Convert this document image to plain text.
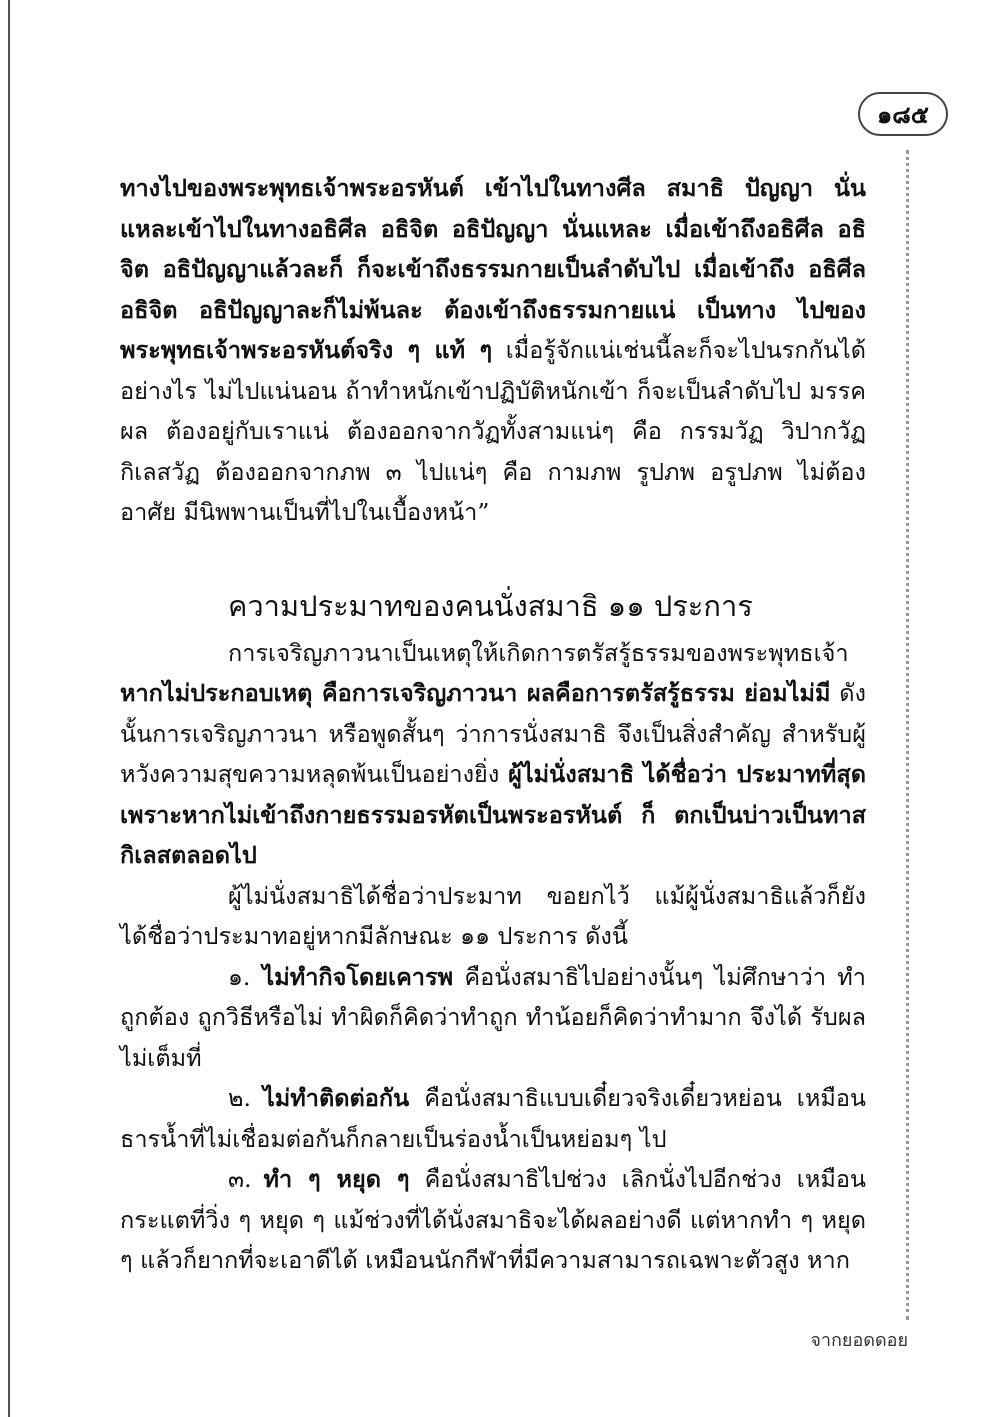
๑๘๕

ทางไปของพระพุทธเจ้าพระอรหันต์ เข้าไปในทางศีล สมาธิ ปัญญา นั่นแหละเข้าไปในทางอธิศีล อธิจิต อธิปัญญา นั่นแหละ เมื่อเข้าถึงอธิศีล อธิจิต อธิปัญญาแล้วละก็ ก็จะเข้าถึงธรรมกายเป็นลำดับไป เมื่อเข้าถึง อธิศีล อธิจิต อธิปัญญาละก็ไม่พ้นละ ต้องเข้าถึงธรรมกายแน่ เป็นทาง ไปของพระพุทธเจ้าพระอรหันต์จริง ๆ แท้ ๆ เมื่อรู้จักแน่เช่นนี้ละก็จะไปนรกกันได้อย่างไร ไม่ไปแน่นอน ถ้าทำหนักเข้าปฏิบัติหนักเข้า ก็จะเป็นลำดับไป มรรค ผล ต้องอยู่กับเราแน่ ต้องออกจากวัฏทั้งสามแน่ๆ คือ กรรมวัฏ วิปากวัฏ กิเลสวัฏ ต้องออกจากภพ ๓ ไปแน่ๆ คือ กามภพ รูปภพ อรูปภพ ไม่ต้อง อาศัย มีนิพพานเป็นที่ไปในเบื้องหน้า”

ความประมาทของคนนั่งสมาธิ ๑๑ ประการ

การเจริญภาวนาเป็นเหตุให้เกิดการตรัสรู้ธรรมของพระพุทธเจ้า หากไม่ประกอบเหตุ คือการเจริญภาวนา ผลคือการตรัสรู้ธรรม ย่อมไม่มี ดังนั้นการเจริญภาวนา หรือพูดสั้นๆ ว่าการนั่งสมาธิ จึงเป็นสิ่งสำคัญ สำหรับผู้หวังความสุขความหลุดพ้นเป็นอย่างยิ่ง ผู้ไม่นั่งสมาธิ ได้ชื่อว่า ประมาทที่สุด เพราะหากไม่เข้าถึงกายธรรมอรหัตเป็นพระอรหันต์ ก็ ตกเป็นบ่าวเป็นทาสกิเลสตลอดไป

ผู้ไม่นั่งสมาธิได้ชื่อว่าประมาท ขอยกไว้ แม้ผู้นั่งสมาธิแล้วก็ยัง ได้ชื่อว่าประมาทอยู่หากมีลักษณะ ๑๑ ประการ ดังนี้

๑. ไม่ทำกิจโดยเคารพ คือนั่งสมาธิไปอย่างนั้นๆ ไม่ศึกษาว่า ทำถูกต้อง ถูกวิธีหรือไม่ ทำผิดก็คิดว่าทำถูก ทำน้อยก็คิดว่าทำมาก จึงได้ รับผลไม่เต็มที่

๒. ไม่ทำติดต่อกัน คือนั่งสมาธิแบบเดี๋ยวจริงเดี๋ยวหย่อน เหมือน ธารน้ำที่ไม่เชื่อมต่อกันก็กลายเป็นร่องน้ำเป็นหย่อมๆ ไป

๓. ทำ ๆ หยุด ๆ คือนั่งสมาธิไปช่วง เลิกนั่งไปอีกช่วง เหมือน กระแตที่วิ่ง ๆ หยุด ๆ แม้ช่วงที่ได้นั่งสมาธิจะได้ผลอย่างดี แต่หากทำ ๆ หยุด ๆ แล้วก็ยากที่จะเอาดีได้ เหมือนนักกีฬาที่มีความสามารถเฉพาะตัวสูง หาก

จากยอดดอย
